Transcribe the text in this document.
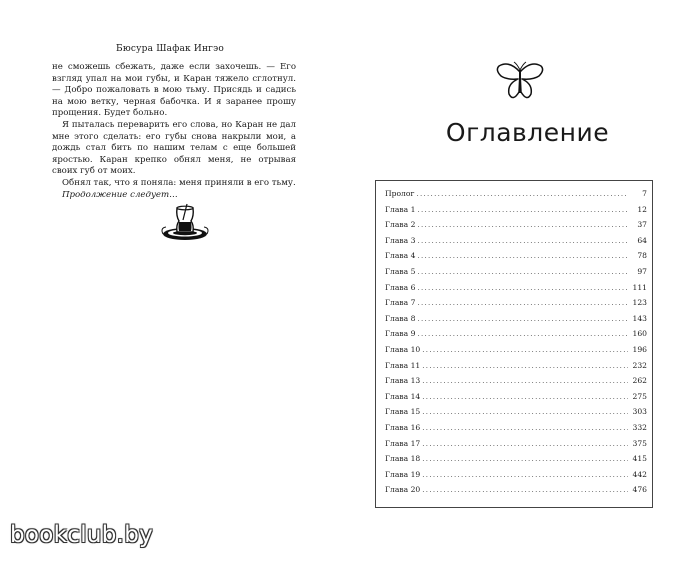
Бюсура Шафак Ингэо

не сможешь сбежать, даже если захочешь. — Его взгляд упал на мои губы, и Каран тяжело сглотнул. — Добро пожаловать в мою тьму. Присядь и садись на мою ветку, черная бабочка. И я заранее прошу прощения. Будет больно.

Я пыталась переварить его слова, но Каран не дал мне этого сделать: его губы снова накрыли мои, а дождь стал бить по нашим телам с еще большей яростью. Каран крепко обнял меня, не отрывая своих губ от моих.

Обнял так, что я поняла: меня приняли в его тьму.

Продолжение следует…

Оглавление
Пролог .....	7
Глава 1 .....	12
Глава 2 .....	37
Глава 3 .....	64
Глава 4 .....	78
Глава 5 .....	97
Глава 6 .....	111
Глава 7 .....	123
Глава 8 .....	143
Глава 9 .....	160
Глава 10 .....	196
Глава 11 .....	232
Глава 13 .....	262
Глава 14 .....	275
Глава 15 .....	303
Глава 16 .....	332
Глава 17 .....	375
Глава 18 .....	415
Глава 19 .....	442
Глава 20 .....	476
bookclub.by
